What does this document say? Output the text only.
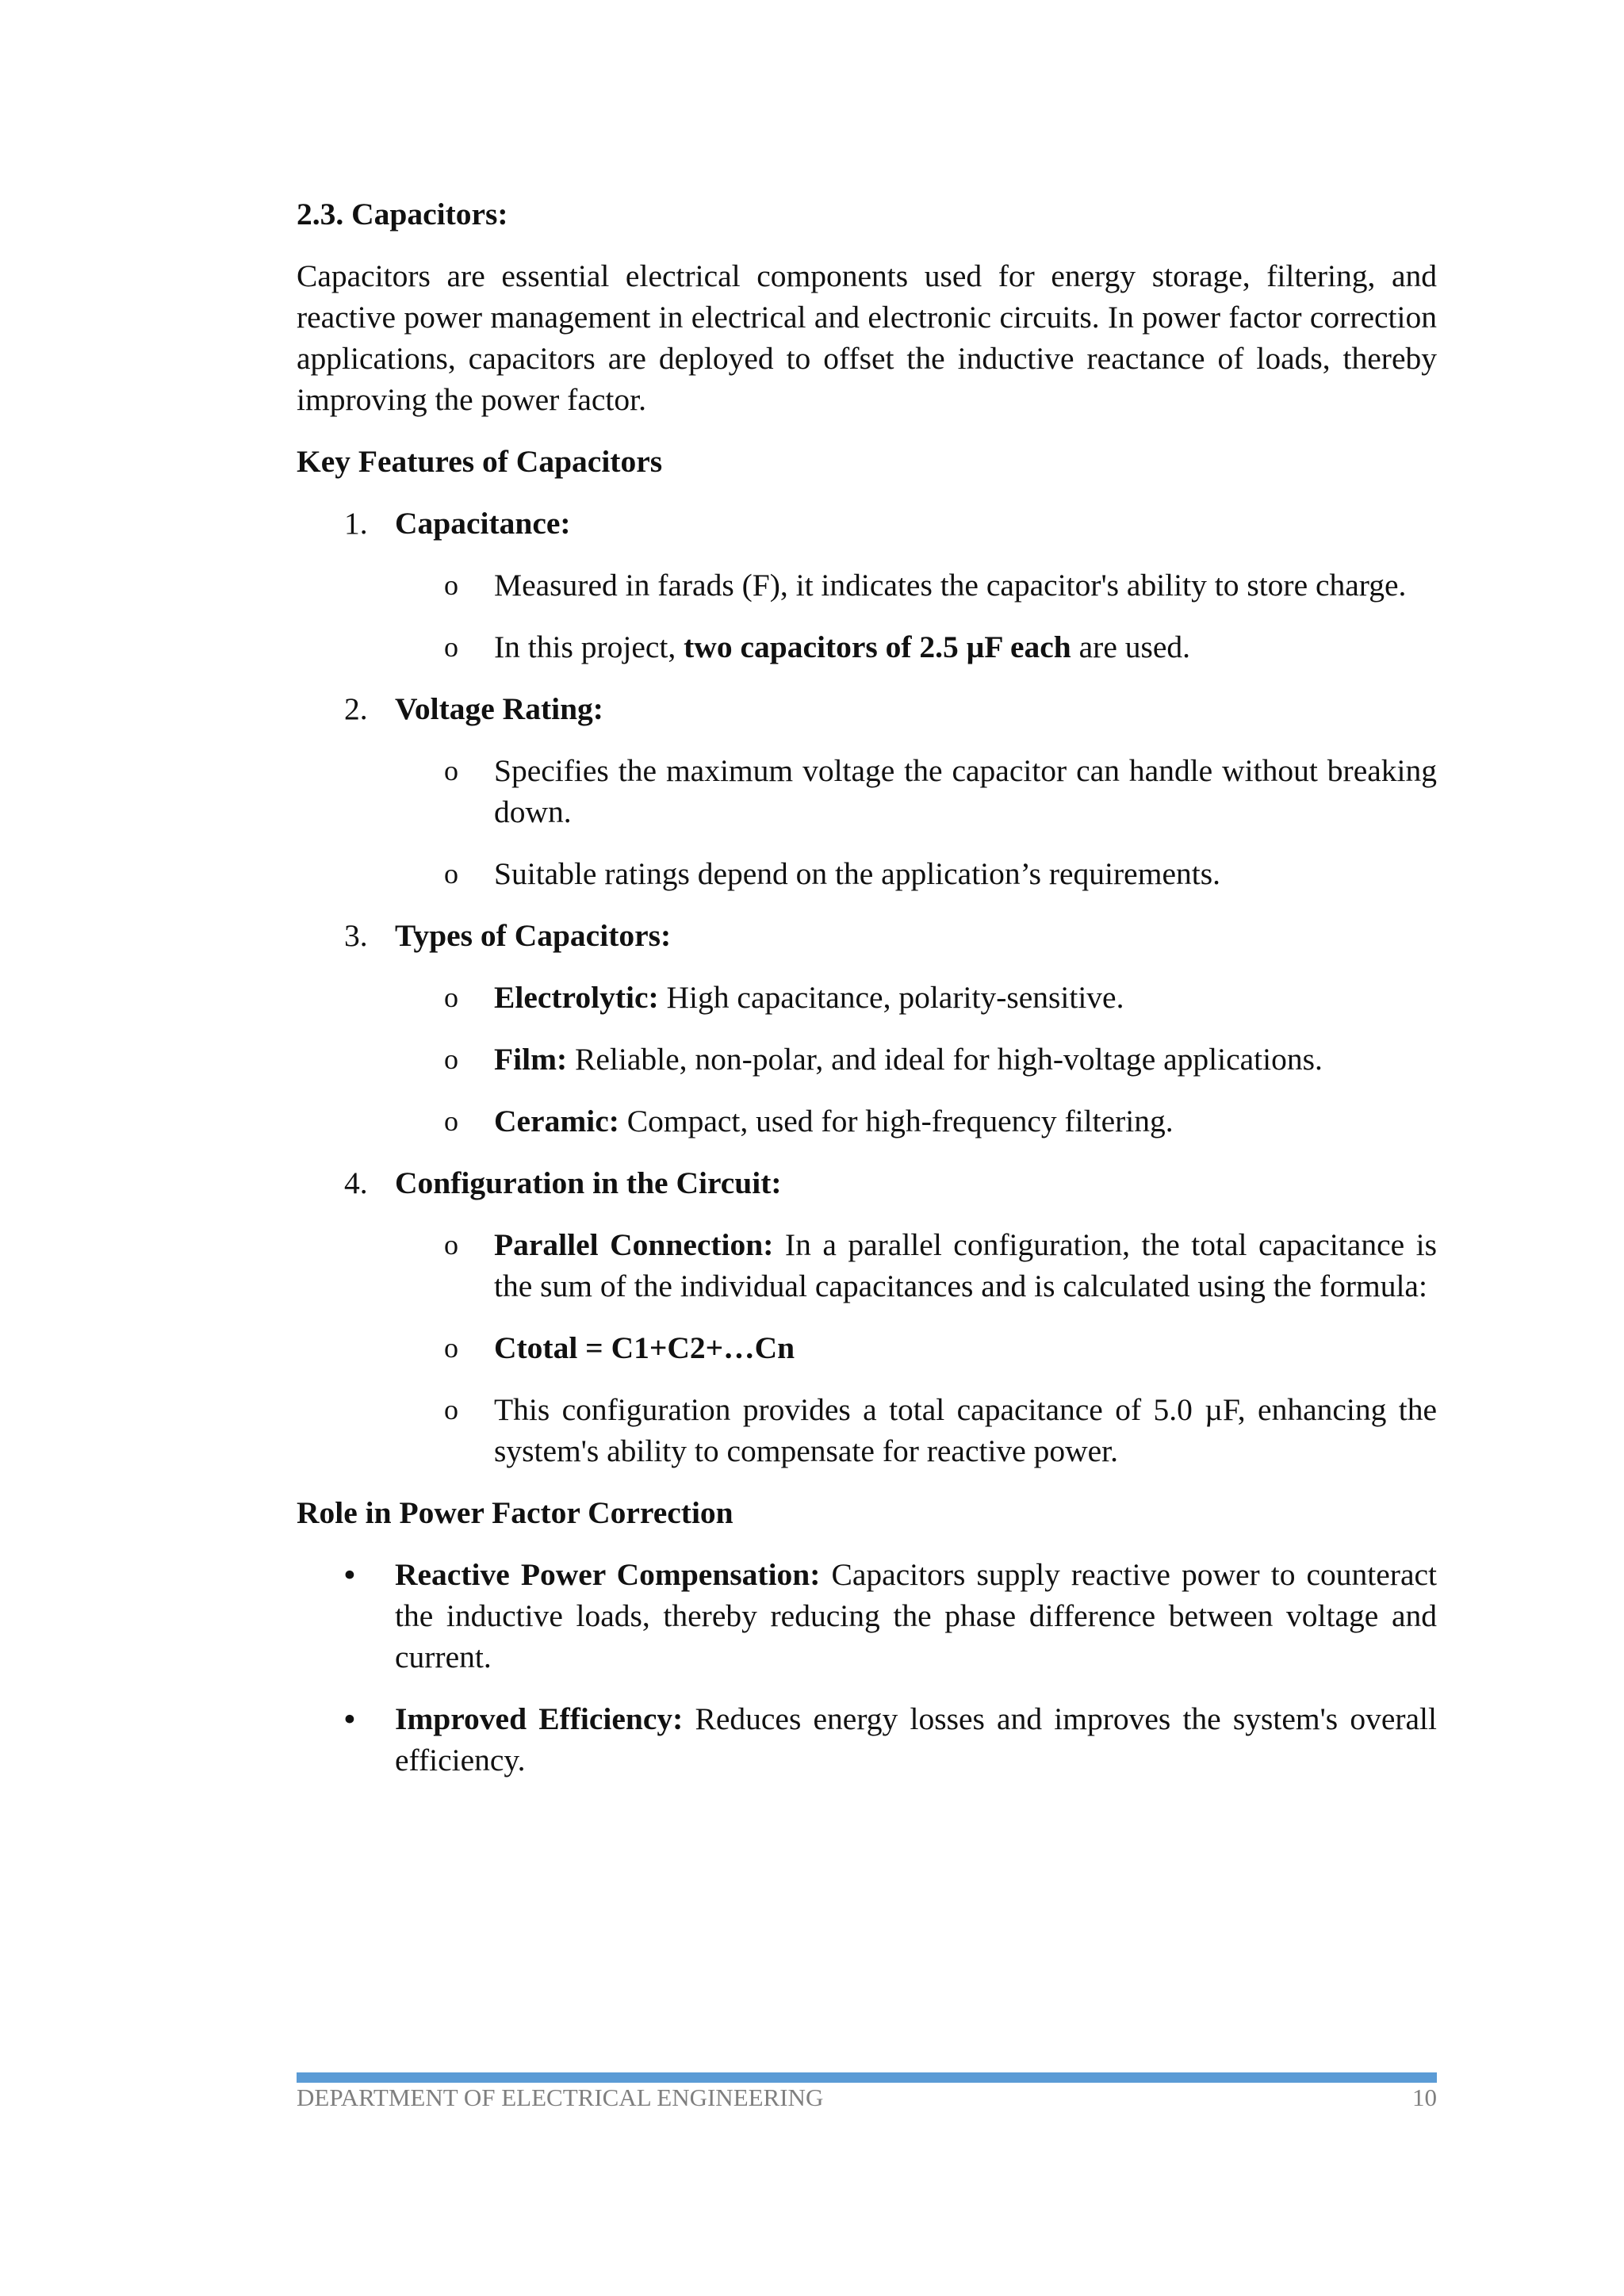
2.3. Capacitors:
Capacitors are essential electrical components used for energy storage, filtering, and reactive power management in electrical and electronic circuits. In power factor correction applications, capacitors are deployed to offset the inductive reactance of loads, thereby improving the power factor.
Key Features of Capacitors
1. Capacitance:
o Measured in farads (F), it indicates the capacitor's ability to store charge.
o In this project, two capacitors of 2.5 µF each are used.
2. Voltage Rating:
o Specifies the maximum voltage the capacitor can handle without breaking down.
o Suitable ratings depend on the application’s requirements.
3. Types of Capacitors:
o Electrolytic: High capacitance, polarity-sensitive.
o Film: Reliable, non-polar, and ideal for high-voltage applications.
o Ceramic: Compact, used for high-frequency filtering.
4. Configuration in the Circuit:
o Parallel Connection: In a parallel configuration, the total capacitance is the sum of the individual capacitances and is calculated using the formula:
o Ctotal = C1+C2+…Cn
o This configuration provides a total capacitance of 5.0 µF, enhancing the system's ability to compensate for reactive power.
Role in Power Factor Correction
• Reactive Power Compensation: Capacitors supply reactive power to counteract the inductive loads, thereby reducing the phase difference between voltage and current.
• Improved Efficiency: Reduces energy losses and improves the system's overall efficiency.
DEPARTMENT OF ELECTRICAL ENGINEERING	10
